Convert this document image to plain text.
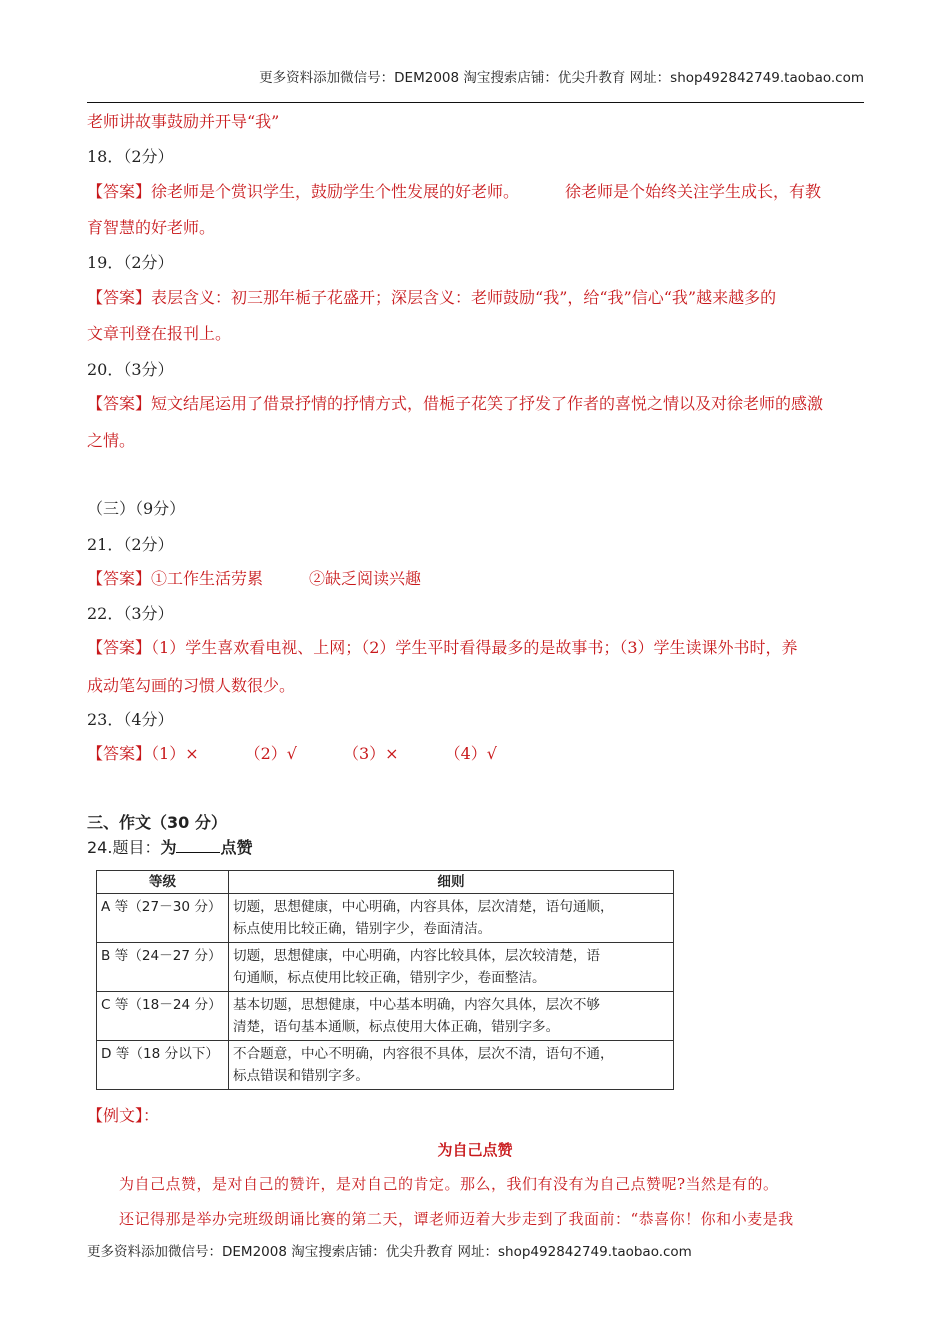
更多资料添加微信号：DEM2008 淘宝搜索店铺：优尖升教育 网址：shop492842749.taobao.com
老师讲故事鼓励并开导“我”
18．（2分）
【答案】徐老师是个赏识学生，鼓励学生个性发展的好老师。	徐老师是个始终关注学生成长，有教
育智慧的好老师。
19．（2分）
【答案】表层含义：初三那年栀子花盛开；深层含义：老师鼓励“我”，给“我”信心“我”越来越多的
文章刊登在报刊上。
20．（3分）
【答案】短文结尾运用了借景抒情的抒情方式，借栀子花笑了抒发了作者的喜悦之情以及对徐老师的感激
之情。
（三）（9分）
21．（2分）
【答案】①工作生活劳累	②缺乏阅读兴趣
22．（3分）
【答案】（1）学生喜欢看电视、上网；（2）学生平时看得最多的是故事书；（3）学生读课外书时，养
成动笔勾画的习惯人数很少。
23．（4分）
【答案】（1）×	（2）√	（3）×	（4）√
三、作文（30 分）
24.题目：为	点赞
等级	细则
A 等（27－30 分）	切题，思想健康，中心明确，内容具体，层次清楚，语句通顺，
标点使用比较正确，错别字少，卷面清洁。

B 等（24－27 分）	切题，思想健康，中心明确，内容比较具体，层次较清楚，语
句通顺，标点使用比较正确，错别字少，卷面整洁。

C 等（18－24 分）	基本切题，思想健康，中心基本明确，内容欠具体，层次不够
清楚，语句基本通顺，标点使用大体正确，错别字多。

D 等（18 分以下）	不合题意，中心不明确，内容很不具体，层次不清，语句不通，
标点错误和错别字多。
【例文】：
为自己点赞
为自己点赞，是对自己的赞许，是对自己的肯定。那么，我们有没有为自己点赞呢?当然是有的。
还记得那是举办完班级朗诵比赛的第二天，谭老师迈着大步走到了我面前：“恭喜你！你和小麦是我
更多资料添加微信号：DEM2008 淘宝搜索店铺：优尖升教育 网址：shop492842749.taobao.com
